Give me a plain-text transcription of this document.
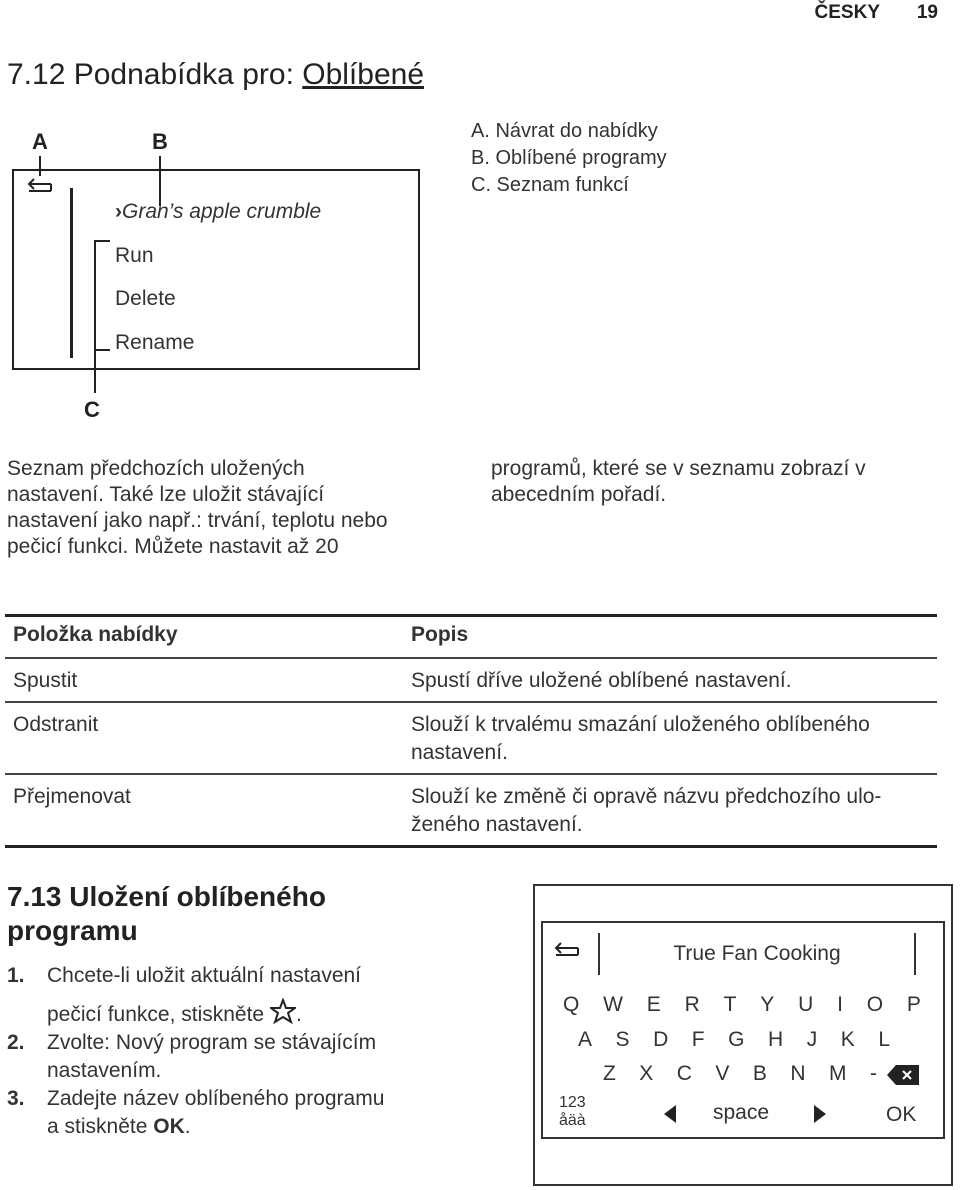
ČESKY 19
7.12 Podnabídka pro: Oblíbené
A	B
›Gran’s apple crumble
Run
Delete
Rename
C
A. Návrat do nabídky
B. Oblíbené programy
C. Seznam funkcí
Seznam předchozích uložených
nastavení. Také lze uložit stávající
nastavení jako např.: trvání, teplotu nebo
pečicí funkci. Můžete nastavit až 20
programů, které se v seznamu zobrazí v
abecedním pořadí.
Položka nabídky	Popis
Spustit	Spustí dříve uložené oblíbené nastavení.

Odstranit	Slouží k trvalému smazání uloženého oblíbeného
nastavení.

Přejmenovat	Slouží ke změně či opravě názvu předchozího ulo-
ženého nastavení.
7.13 Uložení oblíbeného
programu
1. Chcete-li uložit aktuální nastavení
pečicí funkce, stiskněte .
2. Zvolte: Nový program se stávajícím
nastavením.
3. Zadejte název oblíbeného programu
a stiskněte OK.
True Fan Cooking
Q W E R T Y U I O P
A S D F G H J K L
Z X C V B N M -
123
åäà	space	OK
